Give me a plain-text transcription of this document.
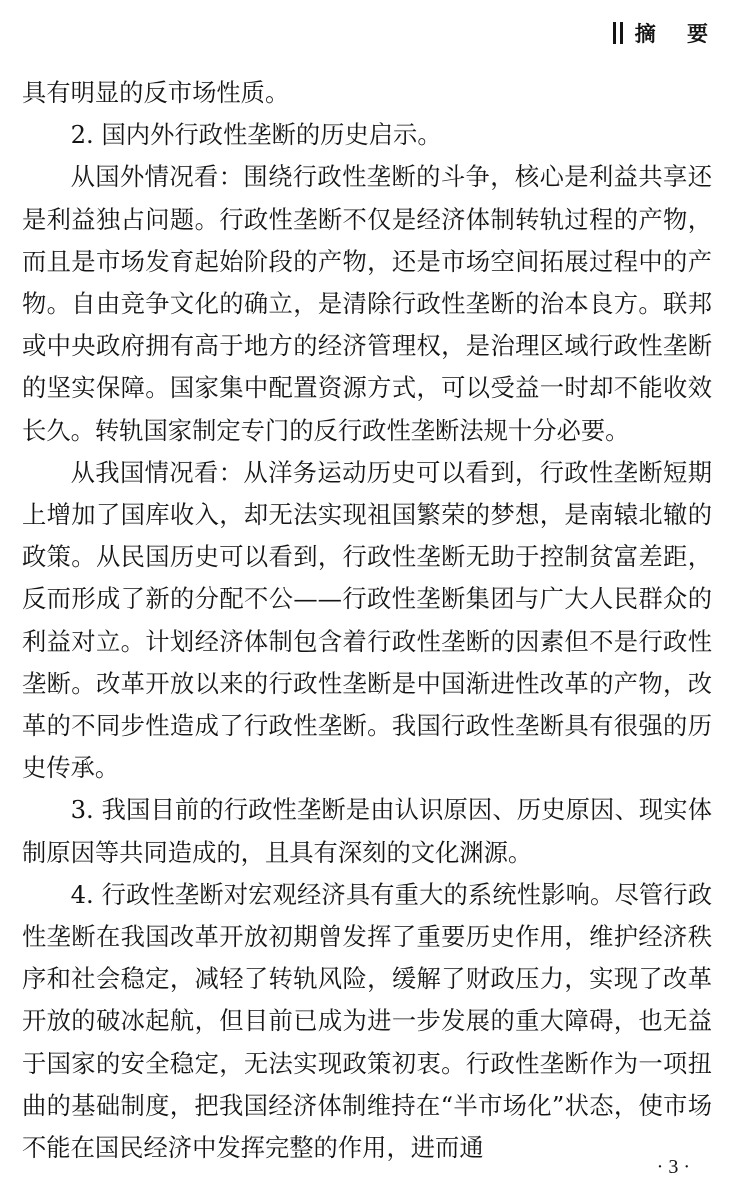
摘 要

具有明显的反市场性质。

2. 国内外行政性垄断的历史启示。

从国外情况看：围绕行政性垄断的斗争，核心是利益共享还是利益独占问题。行政性垄断不仅是经济体制转轨过程的产物，而且是市场发育起始阶段的产物，还是市场空间拓展过程中的产物。自由竞争文化的确立，是清除行政性垄断的治本良方。联邦或中央政府拥有高于地方的经济管理权，是治理区域行政性垄断的坚实保障。国家集中配置资源方式，可以受益一时却不能收效长久。转轨国家制定专门的反行政性垄断法规十分必要。

从我国情况看：从洋务运动历史可以看到，行政性垄断短期上增加了国库收入，却无法实现祖国繁荣的梦想，是南辕北辙的政策。从民国历史可以看到，行政性垄断无助于控制贫富差距，反而形成了新的分配不公——行政性垄断集团与广大人民群众的利益对立。计划经济体制包含着行政性垄断的因素但不是行政性垄断。改革开放以来的行政性垄断是中国渐进性改革的产物，改革的不同步性造成了行政性垄断。我国行政性垄断具有很强的历史传承。

3. 我国目前的行政性垄断是由认识原因、历史原因、现实体制原因等共同造成的，且具有深刻的文化渊源。

4. 行政性垄断对宏观经济具有重大的系统性影响。尽管行政性垄断在我国改革开放初期曾发挥了重要历史作用，维护经济秩序和社会稳定，减轻了转轨风险，缓解了财政压力，实现了改革开放的破冰起航，但目前已成为进一步发展的重大障碍，也无益于国家的安全稳定，无法实现政策初衷。行政性垄断作为一项扭曲的基础制度，把我国经济体制维持在“半市场化”状态，使市场不能在国民经济中发挥完整的作用，进而通

· 3 ·
